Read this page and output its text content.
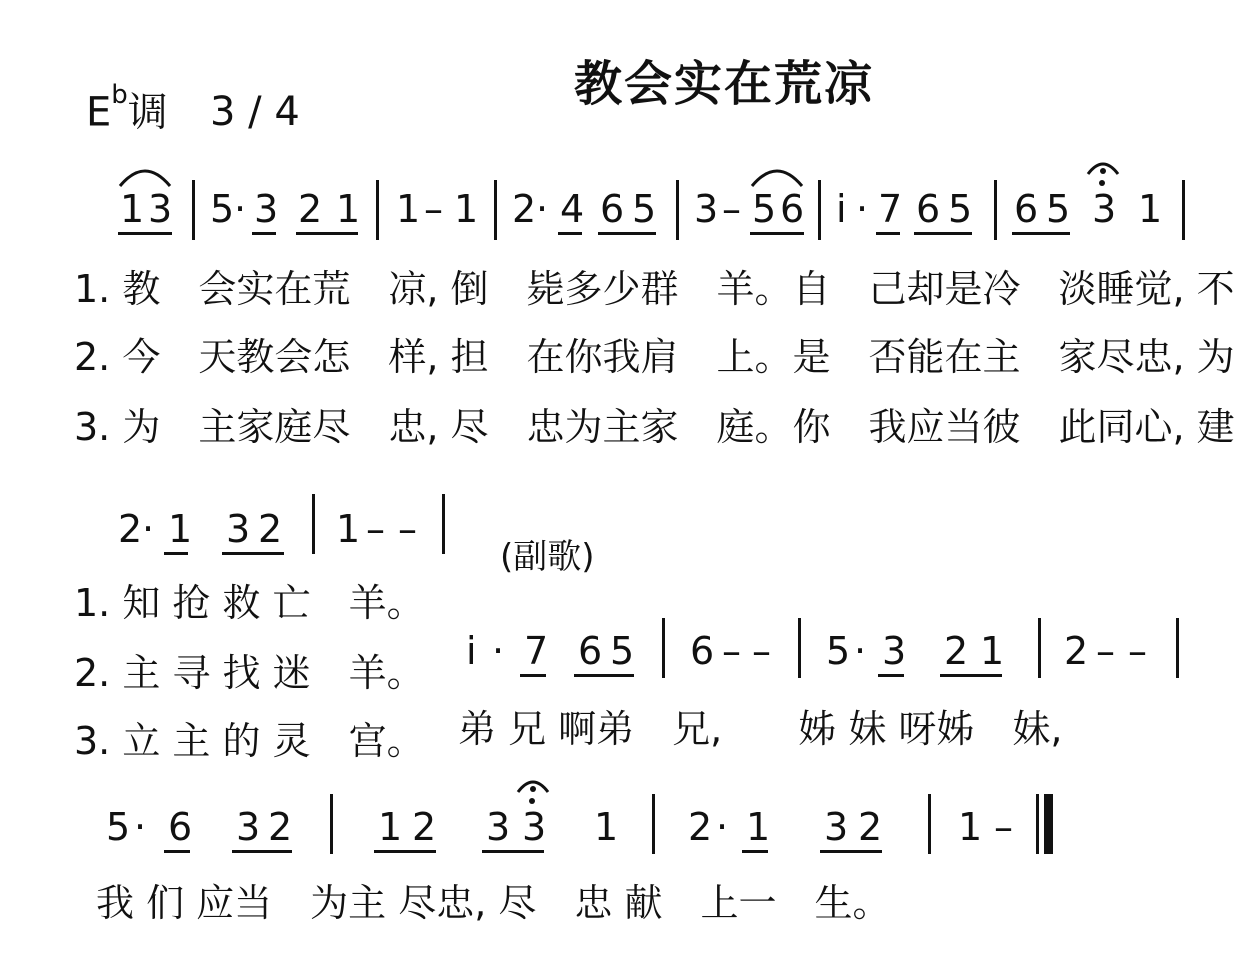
$E^b$调 3 / 4	教会实在荒凉
1 3 5 · 3 2 1 1 – 1 2 · 4 6 5 3 – 5 6 i · 7 6 5 6 5 3 1
1. 教　会实在荒　凉, 倒　毙多少群　羊。自　己却是冷　淡睡觉, 不
2. 今　天教会怎　样, 担　在你我肩　上。是　否能在主　家尽忠, 为
3. 为　主家庭尽　忠, 尽　忠为主家　庭。你　我应当彼　此同心, 建
2 · 1 3 2 1 – –
(副歌)
1. 知 抢 救 亡　羊。
2. 主 寻 找 迷　羊。
3. 立 主 的 灵　宫。
i · 7 6 5 6 – – 5 · 3 2 1 2 – –
弟 兄 啊弟　兄,　　姊 妹 呀姊　妹,
5 · 6 3 2 1 2 3 3 1 2 · 1 3 2 1 –
我 们 应当　为主 尽忠, 尽　忠 献　上一　生。
